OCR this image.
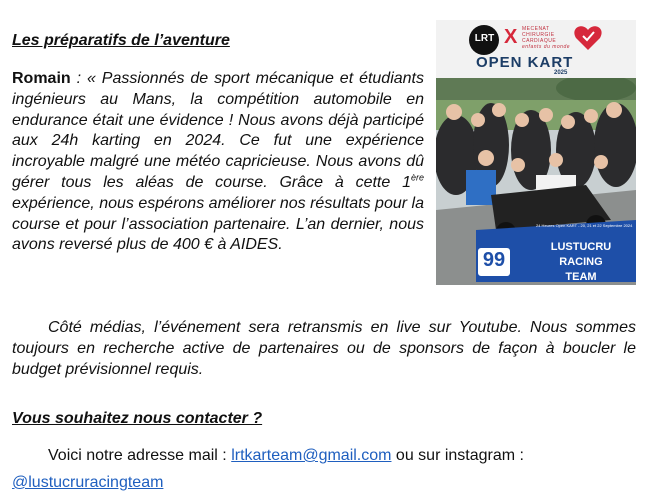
Les préparatifs de l’aventure

Romain : « Passionnés de sport mécanique et étudiants ingénieurs au Mans, la compétition automobile en endurance était une évidence ! Nous avons déjà participé aux 24h karting en 2024. Ce fut une expérience incroyable malgré une météo capricieuse. Nous avons dû gérer tous les aléas de course. Grâce à cette 1ère expérience, nous espérons améliorer nos résultats pour la course et pour l’association partenaire. L’an dernier, nous avons reversé plus de 400 € à AIDES.

LRT X MECENAT
CHIRURGIE
CARDIAQUE
enfants du monde
OPEN KART
2025
24 Heures Open KART - 20, 21 et 22 Septembre 2024
99
LUSTUCRU RACING
TEAM

Côté médias, l’événement sera retransmis en live sur Youtube. Nous sommes toujours en recherche active de partenaires ou de sponsors de façon à boucler le budget prévisionnel requis.

Vous souhaitez nous contacter ?

Voici notre adresse mail : lrtkarteam@gmail.com ou sur instagram :

@lustucruracingteam
